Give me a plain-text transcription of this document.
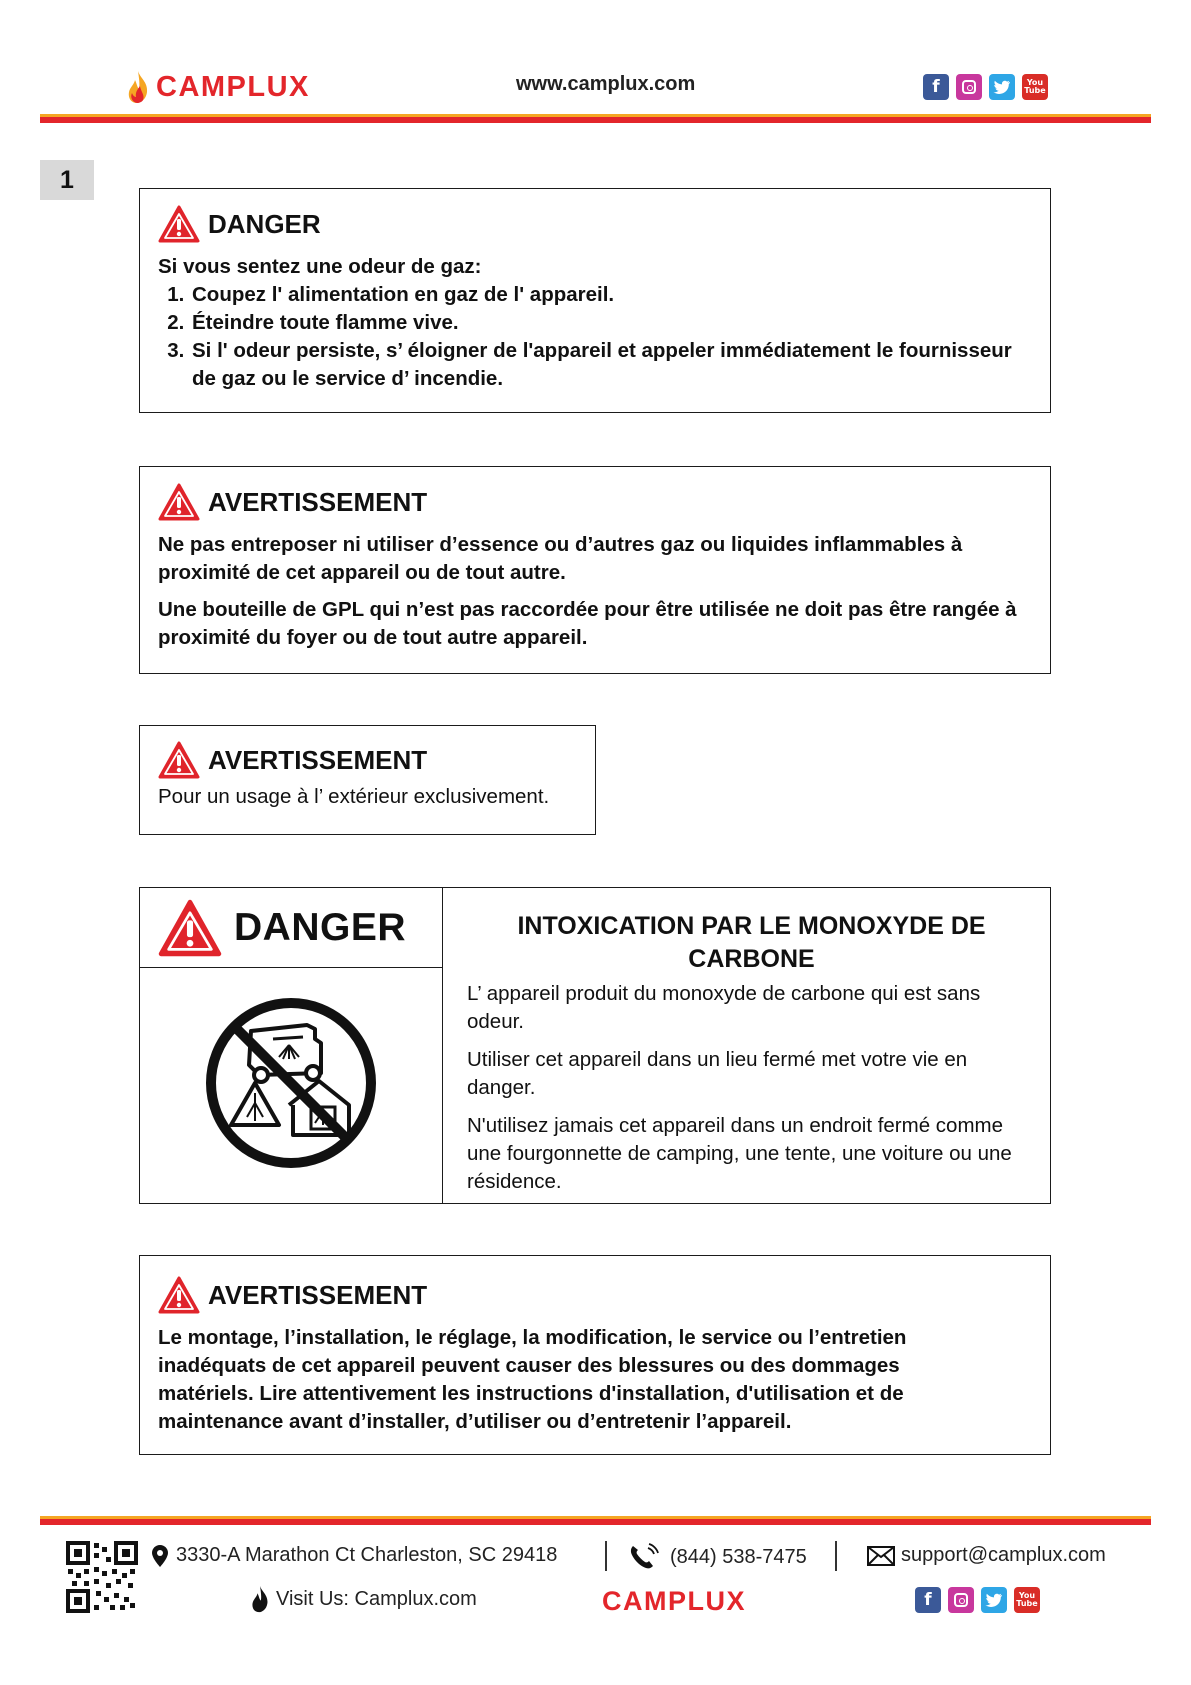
CAMPLUX	www.camplux.com	f	You Tube
1
DANGER

Si vous sentez une odeur de gaz:

1. Coupez l' alimentation en gaz de l' appareil.
2. Éteindre toute flamme vive.
3. Si l' odeur persiste, s’ éloigner de l'appareil et appeler immédiatement le fournisseur de gaz ou le service d’ incendie.
AVERTISSEMENT

Ne pas entreposer ni utiliser d’essence ou d’autres gaz ou liquides inflammables à proximité de cet appareil ou de tout autre.

Une bouteille de GPL qui n’est pas raccordée pour être utilisée ne doit pas être rangée à proximité du foyer ou de tout autre appareil.

AVERTISSEMENT
Pour un usage à l’ extérieur exclusivement.
DANGER	INTOXICATION PAR LE MONOXYDE DE CARBONE

L’ appareil produit du monoxyde de carbone qui est sans odeur.

Utiliser cet appareil dans un lieu fermé met votre vie en danger.

N'utilisez jamais cet appareil dans un endroit fermé comme une fourgonnette de camping, une tente, une voiture ou une résidence.

AVERTISSEMENT
Le montage, l’installation, le réglage, la modification, le service ou l’entretien inadéquats de cet appareil peuvent causer des blessures ou des dommages matériels. Lire attentivement les instructions d'installation, d'utilisation et de maintenance avant d’installer, d’utiliser ou d’entretenir l’appareil.
3330-A Marathon Ct Charleston, SC 29418	(844) 538-7475	support@camplux.com
Visit Us: Camplux.com	CAMPLUX	f	You Tube
